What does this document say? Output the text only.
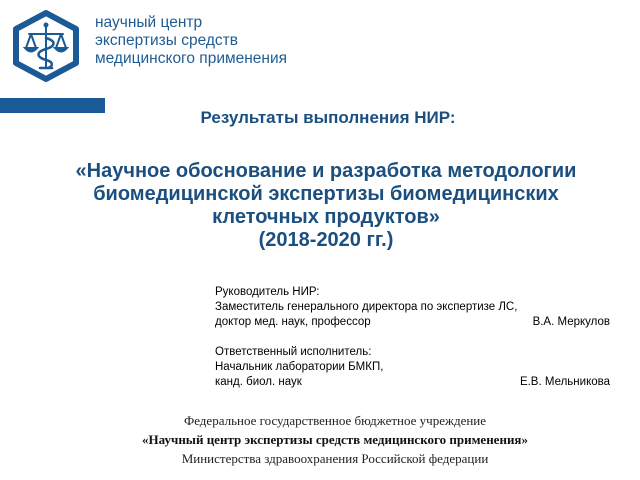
научный центр
экспертизы средств
медицинского применения
Результаты выполнения НИР:
«Научное обоснование и разработка методологии
биомедицинской экспертизы биомедицинских
клеточных продуктов»
(2018-2020 гг.)
Руководитель НИР:
Заместитель генерального директора по экспертизе ЛС,
доктор мед. наук, профессор	В.А. Меркулов
Ответственный исполнитель:
Начальник лаборатории БМКП,
канд. биол. наук	Е.В. Мельникова
Федеральное государственное бюджетное учреждение
«Научный центр экспертизы средств медицинского применения»
Министерства здравоохранения Российской федерации
